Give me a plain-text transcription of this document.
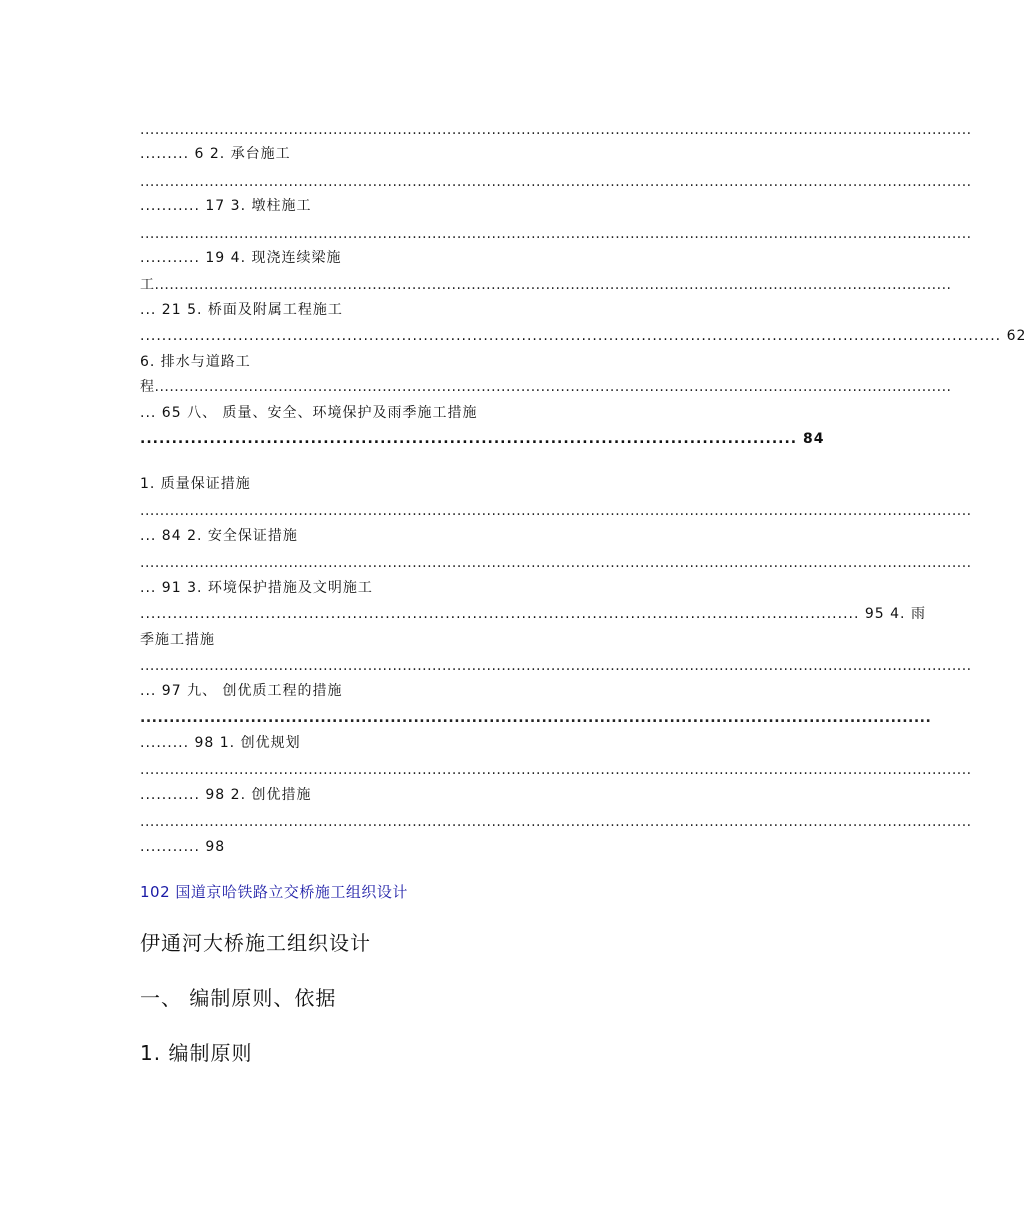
........................................................................................................................................................................
......... 6 2. 承台施工
........................................................................................................................................................................
........... 17 3. 墩柱施工
........................................................................................................................................................................
........... 19 4. 现浇连续梁施
工.................................................................................................................................................................
... 21 5. 桥面及附属工程施工
.............................................................................................................................................................. 62
6. 排水与道路工
程.................................................................................................................................................................
... 65 八、 质量、安全、环境保护及雨季施工措施
........................................................................................................ 84
1. 质量保证措施
........................................................................................................................................................................
... 84 2. 安全保证措施
........................................................................................................................................................................
... 91 3. 环境保护措施及文明施工
.................................................................................................................................... 95 4. 雨
季施工措施
........................................................................................................................................................................
... 97 九、 创优质工程的措施
........................................................................................................................................
......... 98 1. 创优规划
........................................................................................................................................................................
........... 98 2. 创优措施
........................................................................................................................................................................
........... 98
102 国道京哈铁路立交桥施工组织设计
伊通河大桥施工组织设计
一、 编制原则、依据
1. 编制原则
